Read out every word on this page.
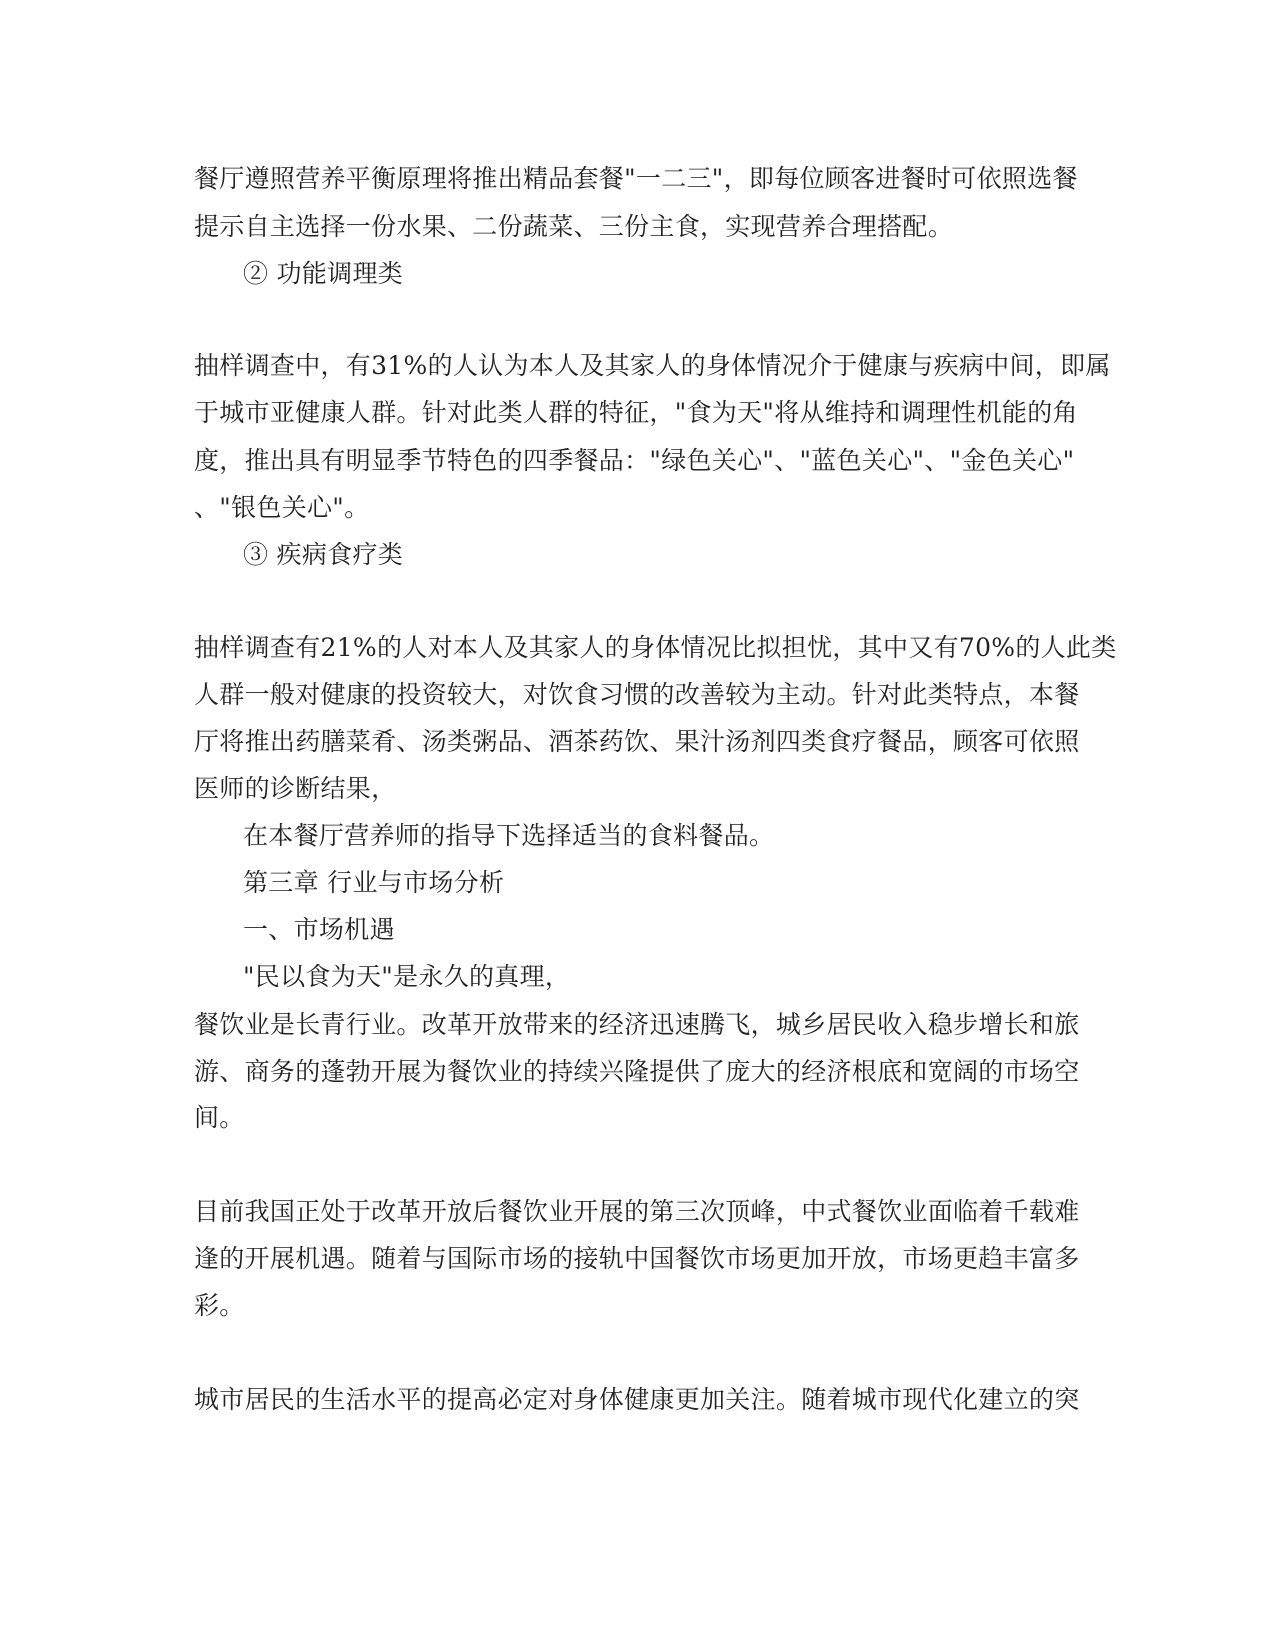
餐厅遵照营养平衡原理将推出精品套餐"一二三"，即每位顾客进餐时可依照选餐
提示自主选择一份水果、二份蔬菜、三份主食，实现营养合理搭配。
② 功能调理类
抽样调查中，有31%的人认为本人及其家人的身体情况介于健康与疾病中间，即属
于城市亚健康人群。针对此类人群的特征，"食为天"将从维持和调理性机能的角
度，推出具有明显季节特色的四季餐品："绿色关心"、"蓝色关心"、"金色关心"
、"银色关心"。
③ 疾病食疗类
抽样调查有21%的人对本人及其家人的身体情况比拟担忧，其中又有70%的人此类
人群一般对健康的投资较大，对饮食习惯的改善较为主动。针对此类特点，本餐
厅将推出药膳菜肴、汤类粥品、酒茶药饮、果汁汤剂四类食疗餐品，顾客可依照
医师的诊断结果，
在本餐厅营养师的指导下选择适当的食料餐品。
第三章 行业与市场分析
一、市场机遇
"民以食为天"是永久的真理，
餐饮业是长青行业。改革开放带来的经济迅速腾飞，城乡居民收入稳步增长和旅
游、商务的蓬勃开展为餐饮业的持续兴隆提供了庞大的经济根底和宽阔的市场空
间。
目前我国正处于改革开放后餐饮业开展的第三次顶峰，中式餐饮业面临着千载难
逢的开展机遇。随着与国际市场的接轨中国餐饮市场更加开放，市场更趋丰富多
彩。
城市居民的生活水平的提高必定对身体健康更加关注。随着城市现代化建立的突
